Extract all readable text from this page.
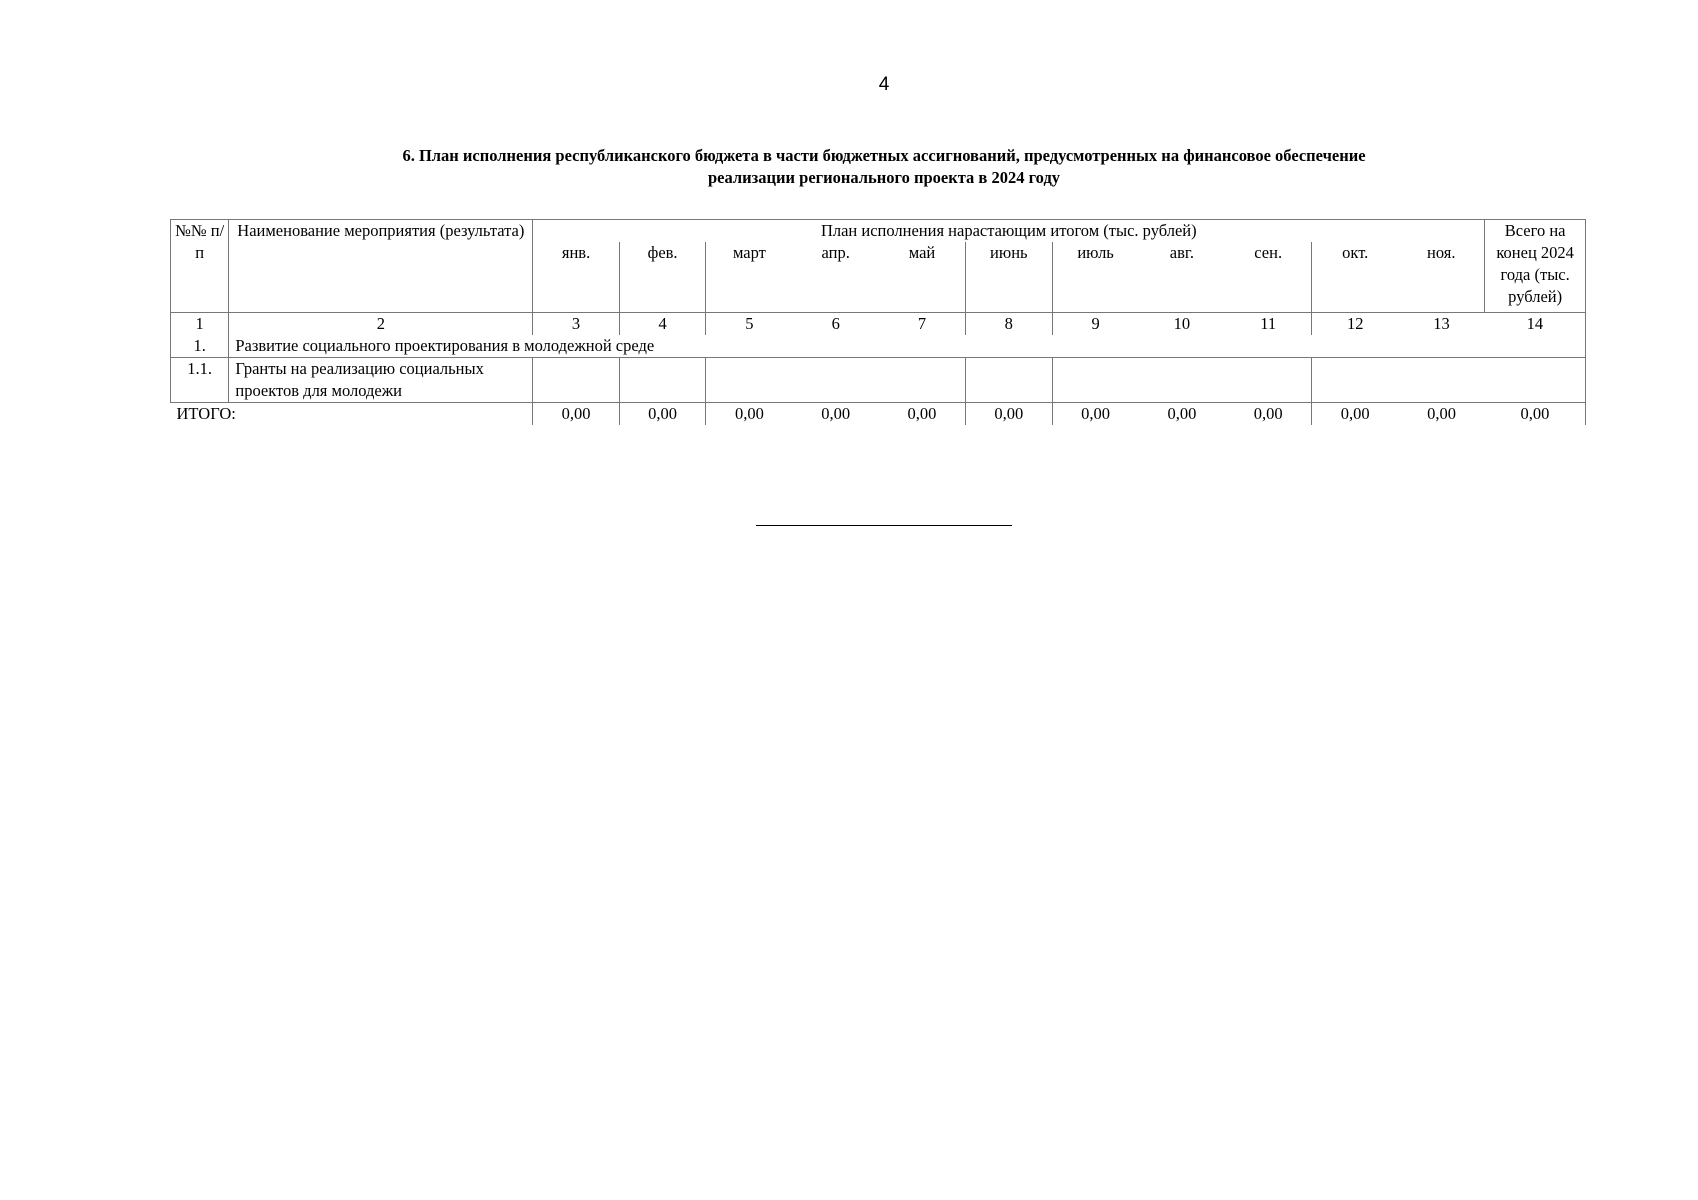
4
6. План исполнения республиканского бюджета в части бюджетных ассигнований, предусмотренных на финансовое обеспечение
реализации регионального проекта в 2024 году
№№ п/п	Наименование мероприятия (результата)	План исполнения нарастающим итогом (тыс. рублей)											Всего на конец 2024 года (тыс. рублей)
		янв.	фев.	март	апр.	май	июнь	июль	авг.	сен.	окт.	ноя.	
1	2	3	4	5	6	7	8	9	10	11	12	13	14
1.	Развитие социального проектирования в молодежной среде												
1.1.	Гранты на реализацию социальных проектов для молодежи												
ИТОГО:		0,00	0,00	0,00	0,00	0,00	0,00	0,00	0,00	0,00	0,00	0,00	0,00
